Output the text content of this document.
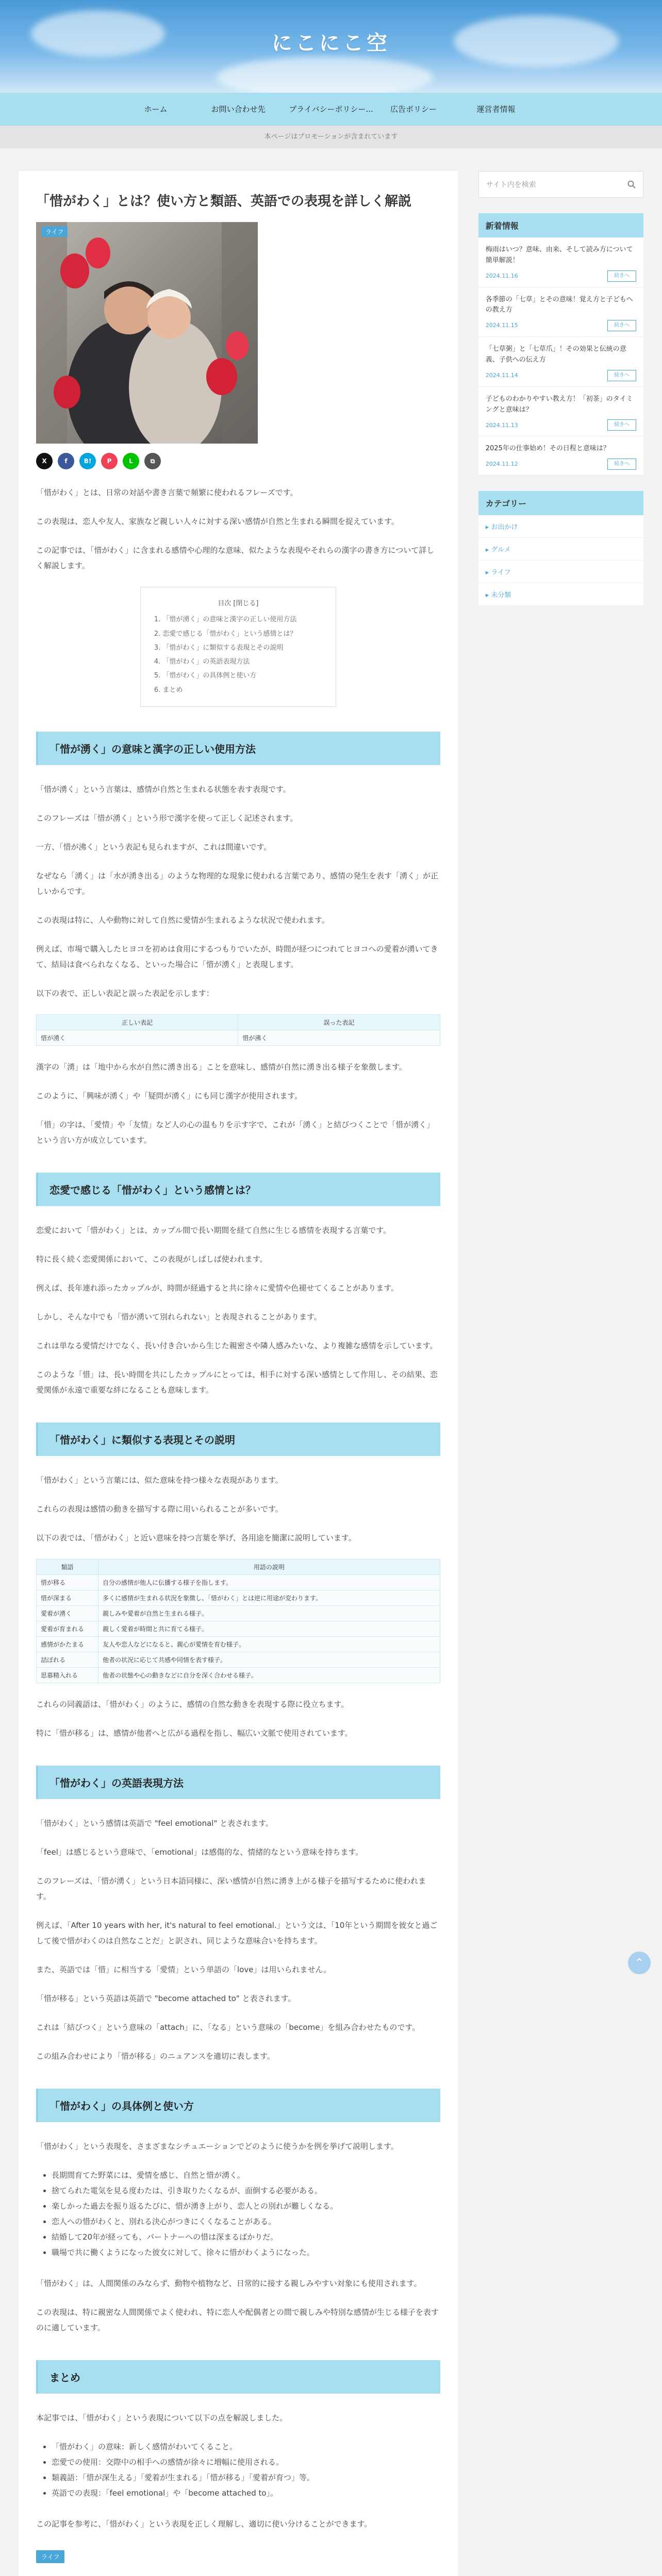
にこにこ空
ホーム	お問い合わせ先	プライバシーポリシー...	広告ポリシー	運営者情報
本ページはプロモーションが含まれています
「惜がわく」とは？使い方と類語、英語での表現を詳しく解説
ライフ
X	f	B!	P	L	⧉

「惜がわく」とは、日常の対話や書き言葉で頻繁に使われるフレーズです。

この表現は、恋人や友人、家族など親しい人々に対する深い感情が自然と生まれる瞬間を捉えています。

この記事では、「惜がわく」に含まれる感情や心理的な意味、似たような表現やそれらの漢字の書き方について詳しく解説します。

目次 [閉じる]
1. 「惜が湧く」の意味と漢字の正しい使用方法
2. 恋愛で感じる「惜がわく」という感情とは？
3. 「惜がわく」に類似する表現とその説明
4. 「惜がわく」の英語表現方法
5. 「惜がわく」の具体例と使い方
6. まとめ
「惜が湧く」の意味と漢字の正しい使用方法

「惜が湧く」という言葉は、感情が自然と生まれる状態を表す表現です。

このフレーズは「惜が湧く」という形で漢字を使って正しく記述されます。

一方、「惜が沸く」という表記も見られますが、これは間違いです。

なぜなら「湧く」は「水が湧き出る」のような物理的な現象に使われる言葉であり、感情の発生を表す「湧く」が正しいからです。

この表現は特に、人や動物に対して自然に愛情が生まれるような状況で使われます。

例えば、市場で購入したヒヨコを初めは食用にするつもりでいたが、時間が経つにつれてヒヨコへの愛着が湧いてきて、結局は食べられなくなる、といった場合に「惜が湧く」と表現します。

以下の表で、正しい表記と誤った表記を示します：

正しい表記	誤った表記
惜が湧く	惜が沸く

漢字の「湧」は「地中から水が自然に湧き出る」ことを意味し、感情が自然に湧き出る様子を象徴します。

このように、「興味が湧く」や「疑問が湧く」にも同じ漢字が使用されます。

「惜」の字は、「愛情」や「友情」など人の心の温もりを示す字で、これが「湧く」と結びつくことで「惜が湧く」という言い方が成立しています。

恋愛で感じる「惜がわく」という感情とは？

恋愛において「惜がわく」とは、カップル間で長い期間を経て自然に生じる感情を表現する言葉です。

特に長く続く恋愛関係において、この表現がしばしば使われます。

例えば、長年連れ添ったカップルが、時間が経過すると共に徐々に愛情や色褪せてくることがあります。

しかし、そんな中でも「惜が湧いて別れられない」と表現されることがあります。

これは単なる愛情だけでなく、長い付き合いから生じた親密さや隣人感みたいな、より複雑な感情を示しています。

このような「惜」は、長い時間を共にしたカップルにとっては、相手に対する深い感情として作用し、その結果、恋愛関係が永遠で重要な絆になることも意味します。

「惜がわく」に類似する表現とその説明

「惜がわく」という言葉には、似た意味を持つ様々な表現があります。

これらの表現は感情の動きを描写する際に用いられることが多いです。

以下の表では、「惜がわく」と近い意味を持つ言葉を挙げ、各用途を簡潔に説明しています。

類語	用語の説明
惜が移る	自分の感情が他人に伝播する様子を指します。
惜が深まる	多くに感情が生まれる状況を象徴し、「惜がわく」とは逆に用途が変わります。
愛着が湧く	親しみや愛着が自然と生まれる様子。
愛着が育まれる	親しく愛着が時間と共に育てる様子。
感情がかたまる	友人や恋人などになると、親心が愛情を育む様子。
詰ぼれる	他者の状況に応じて共感や同情を表す様子。
思慕精入れる	他者の状態や心の動きなどに自分を深く合わせる様子。

これらの同義語は、「惜がわく」のように、感情の自然な動きを表現する際に役立ちます。

特に「惜が移る」は、感情が他者へと広がる過程を指し、幅広い文脈で使用されています。

「惜がわく」の英語表現方法

「惜がわく」という感情は英語で "feel emotional" と表されます。

「feel」は感じるという意味で、「emotional」は感傷的な、情緒的なという意味を持ちます。

このフレーズは、「惜が湧く」という日本語同様に、深い感情が自然に湧き上がる様子を描写するために使われます。

例えば、「After 10 years with her, it's natural to feel emotional.」という文は、「10年という期間を彼女と過ごして後で惜がわくのは自然なことだ」と訳され、同じような意味合いを持ちます。

また、英語では「惜」に相当する「愛情」という単語の「love」は用いられません。

「惜が移る」という英語は英語で "become attached to" と表されます。

これは「結びつく」という意味の「attach」に、「なる」という意味の「become」を組み合わせたものです。

この組み合わせにより「惜が移る」のニュアンスを適切に表します。

「惜がわく」の具体例と使い方

「惜がわく」という表現を、さまざまなシチュエーションでどのように使うかを例を挙げて説明します。

• 長期間育てた野菜には、愛情を感じ、自然と惜が湧く。
• 捨てられた電気を見る度わたは、引き取りたくなるが、面倒する必要がある。
• 楽しかった過去を振り返るたびに、惜が湧き上がり、恋人との別れが難しくなる。
• 恋人への惜がわくと、別れる決心がつきにくくなることがある。
• 結婚して20年が経っても、パートナーへの惜は深まるばかりだ。
• 職場で共に働くようになった彼女に対して、徐々に惜がわくようになった。

「惜がわく」は、人間関係のみならず、動物や植物など、日常的に接する親しみやすい対象にも使用されます。

この表現は、特に親密な人間関係でよく使われ、特に恋人や配偶者との間で親しみや特別な感情が生じる様子を表すのに適しています。

まとめ

本記事では、「惜がわく」という表現について以下の点を解説しました。

• 「惜がわく」の意味：新しく感情がわいてくること。
• 恋愛での使用：交際中の相手への感情が徐々に増幅に使用される。
• 類義語：「惜が深生える」「愛着が生まれる」「惜が移る」「愛着が育つ」等。
• 英語での表現：「feel emotional」や「become attached to」。

この記事を参考に、「惜がわく」という表現を正しく理解し、適切に使い分けることができます。

ライフ
サイト内を検索
新着情報
梅雨はいつ？意味、由来、そして読み方について簡単解説！
2024.11.16	続きへ
各季節の「七草」とその意味！覚え方と子どもへの教え方
2024.11.15	続きへ
「七草粥」と「七草爪」！その効果と伝統の意義、子供への伝え方
2024.11.14	続きへ
子どものわかりやすい教え方！「初茶」のタイミングと意味は？
2024.11.13	続きへ
2025年の仕事始め！その日程と意味は？
2024.11.12	続きへ
カテゴリー
▸ お出かけ
▸ グルメ
▸ ライフ
▸ 未分類
⌃
